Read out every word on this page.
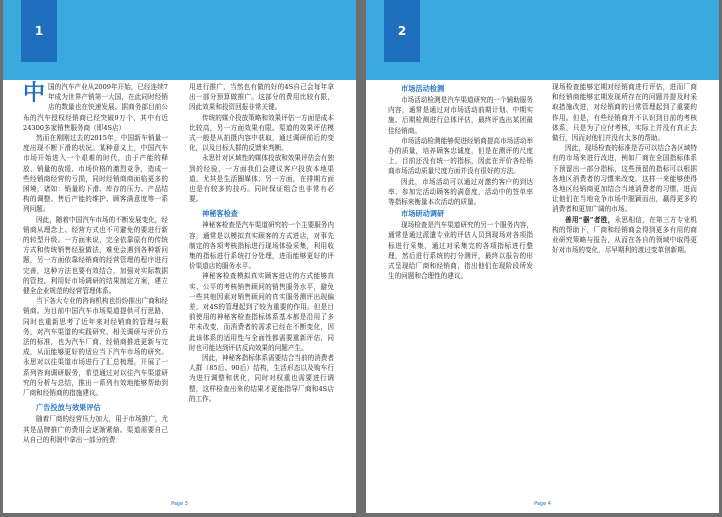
1
中 国的汽车产业从2009年开始，已经连续7年成为世界产销第一大国，在此同时经销店的数量也在快速发展。据商务部目前公布的汽车授权经销商已经突破9万个，其中有近24300多家销售服务商（即4S店）

然而在刚刚过去的2015年，中国新车销量一度出现不断下滑的状况。某种意义上，中国汽车市场开始进入一个艰难的时代，由于产能的释放、销量的放缓、市场价格的激烈竞争，造成一些经销商经营的亏损，同时经销商商面临更多的困境，诸如：销量的下滑、库存的压力、产品结构的调整、售后产能的维护、顾客满意度等一系列问题。

因此，随着中国汽车市场的不断发展变化，经销商从理念上、经营方式也不可避免的要进行新的转型升级。一方面来说，完全依靠原有的传统方式和传统销售经验做法，难免会遇到各种新问题，另一方面依靠经销商的经营管理的程序进行完善，这种方法也要有效结合，加强对实际数据的管控，利用好市场调研的结果制定方案，建立健全企业规范的经营管理体系。

当下各大专业的咨询机构也纷纷推出广商和经销商。为目前中国汽车市场渠道提供可行思路，同时也重新思考了近年来对经销商的管理与服务，对汽车渠道的实践研究、相关调研与评价方法的标准，也为汽车厂商、经销商推进更新与完成，从而能够更好的适应当下汽车市场的研究。永思对以往渠道市场进行了汇总梳理，开展了一系列咨询调研服务，希望通过对以往汽车渠道研究的分析与总结，推出一系列有效地能够帮助到厂商和经销商的措施建议。

广告投放与效果评估

随着厂商的经营压力加大，用于市场推广，尤其是品牌推广的费用会逐渐紧缩。渠道需要自己从自己的利润中拿出一部分的费

用进行推广，当然也有做的好的4S自己会每年拿出一部分预算做推广。这部分的费用比较有限，因此效果和投资回报非常关键。

传统的媒介投放策略和效果评估一方面是成本比较高，另一方面效果有限。渠道的效果评估模式一般是从拍摄内容中获取，通过调研前后的变化，以及目标人群的反馈来判断。

永思针对区域性的媒体投放和效果评估会有独到的经验，一方面我们会建议客户投放本地渠道，尤其是生活圈媒体；另一方面，在排期方面也是有较多的技巧。同时保证组合也非常有必要。

神秘客检查

神秘客检查是汽车渠道研究的一个主要服务内容，通常是以模拟真实顾客的方式进店，对事先制定的各项考核指标进行现场体验采集，利用收集的指标进行系统打分处理，进而能够更好的评价渠道店的服务水平。

神秘客检查模拟真实顾客进店的方式能够真实、公平的考核销售顾问的销售服务水平，避免一些其他因素对销售顾问的真实服务测评出现偏差，对4S的管理起到了较为重要的作用。但是目前使用的神秘客检查指标体系基本都是沿用了多年未改变，而消费者的需求已经在不断变化，因此该体系的适用性与全面性都需要重新评估，同时也可能达到评估反向效果的问题产生。

因此，神秘客指标体系需要结合当前的消费者人群（85后、90后）结构，生活形态以及购车行为进行调整和优化，同时对权重也需要进行调整，这样检查出来的结果才更能指导厂商和4S店的工作。

Page 3
2

市场活动检测

市场活动检测是汽车渠道研究的一个辅助服务内容，通常是通过对市场活动前期计划、中期实施、后期检测进行总体评估，最终评选出某团最佳经销商。

市场活动检测能够促进经销商提高市场活动举办的质量，培养顾客忠诚度，但是在测评的尺度上，目前还没有统一的指标，因此在评价各经销商市场活动质量尺度方面并没有很好的方法。

因此，市场活动可以通过对邀约客户的到达率、参加完活动顾客的满意度，活动中的签单率等指标来衡量本次活动的质量。

市场研动调研

现场检查是汽车渠道研究的另一个服务内容，通常是通过派遣专业的评估人员到现场对各项指标进行采集，通过对采集完的各项指标进行整理，然后进行系统的打分测评，最终以报告的形式呈现给厂商和经销商，指出他们在现阶段所发生的问题和合理性的建议。

现场检查能够定期对经销商进行评估，进而厂商和经销商能够定期发现所存在的问题并提及时采取措施改进，对经销商的日常管理起到了重要的作用。但是，有些经销商并不认识到目前的考核体系，只是为了应付考核，实际上并没有真正去做行，因而对他们并没有太多的帮助。

因此，现场检查的标准是否可以结合各区域特有的市场来进行改进，例如厂商在全国指标体系下预留出一部分指标，这些预留的指标可以根据各地区消费者的习惯来改变，这样一来能够使得各地区经销商更加结合当地消费者的习惯，进而让他们在当地竞争市场中脱颖而出，赢得更多的消费者和更加广阔的市场。

善用“器”者胜，永思相信，在第三方专业机构的帮助下，厂商和经销商会得到更多有用的商业研究策略与报告，从而在各自的领域中取得更好对市场的变化，尽早期利的渡过变革创新期。

Page 4
